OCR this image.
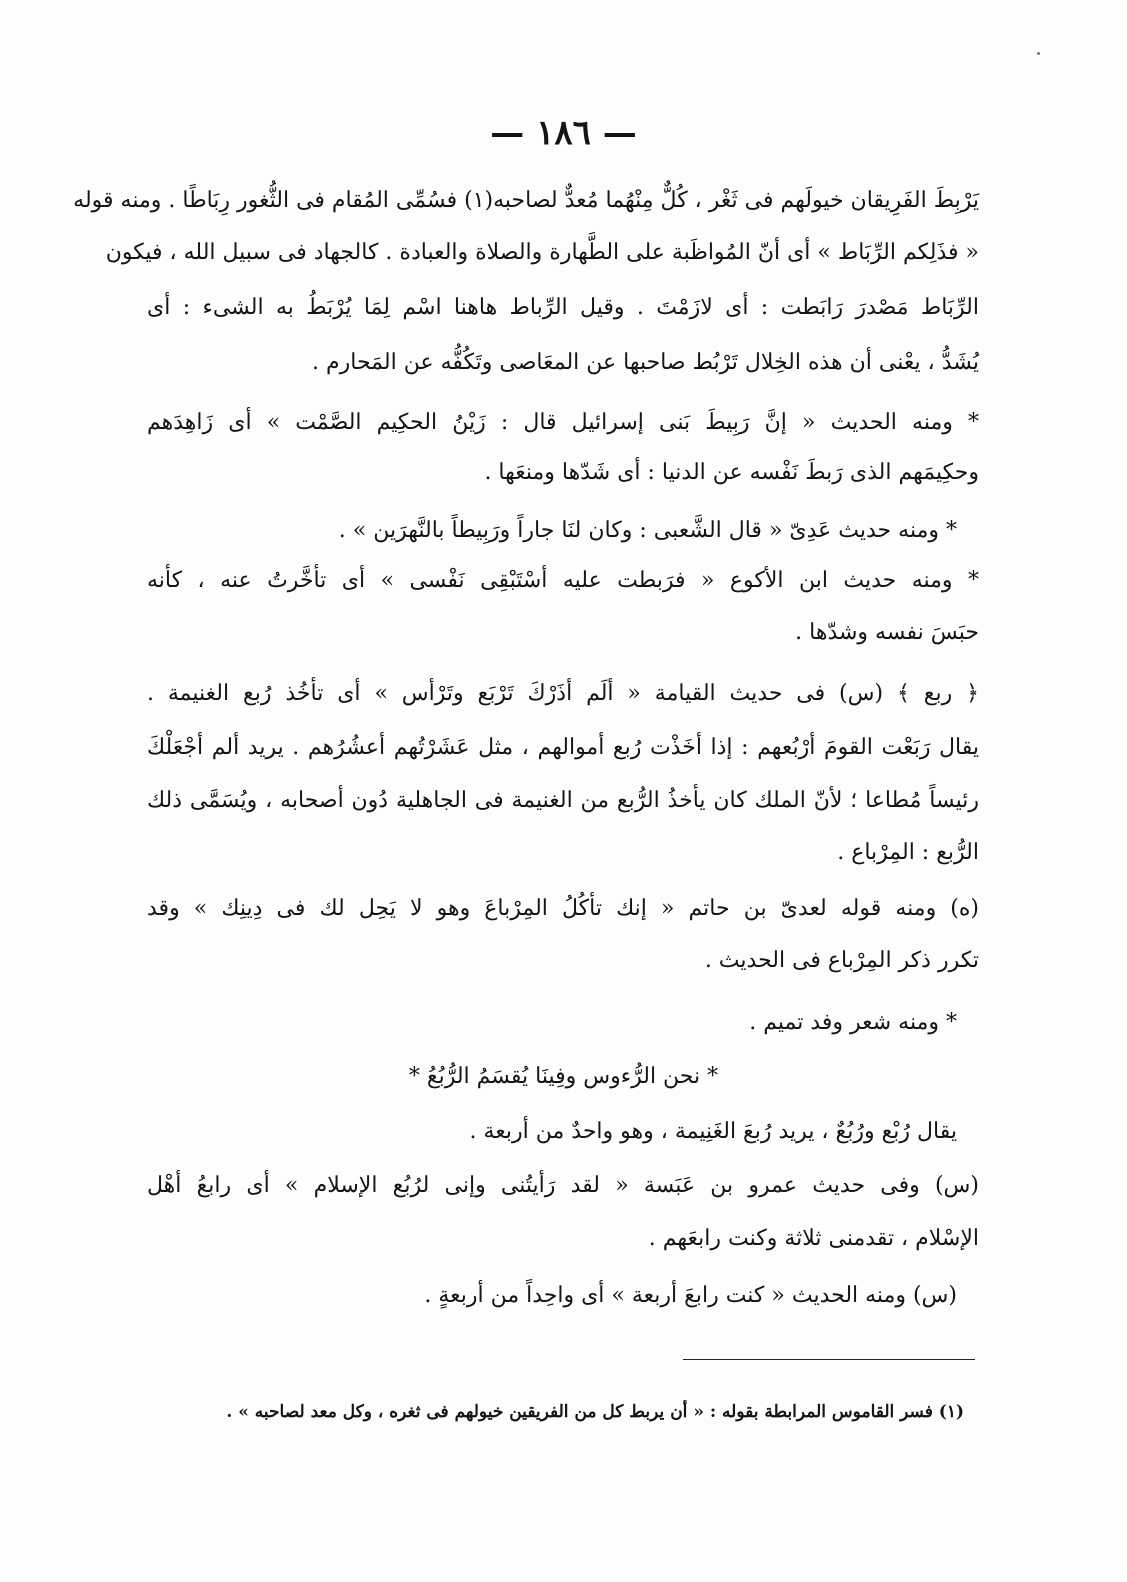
— ١٨٦ —
يَرْبِطَ الفَرِيقان خيولَهم فى ثَغْر ، كُلٌّ مِنْهُما مُعدٌّ لصاحبه(١) فسُمِّى المُقام فى الثُّغور رِبَاطًا . ومنه قوله
« فذَلِكم الرِّبَاط » أى أنّ المُواظَبة على الطَّهارة والصلاة والعبادة . كالجهاد فى سبيل الله ، فيكون
الرِّبَاط مَصْدرَ رَابَطت : أى لازَمْتَ . وقيل الرِّباط هاهنا اسْم لِمَا يُرْبَطُ به الشىء : أى
يُشَدُّ ، يعْنى أن هذه الخِلال تَرْبُط صاحبها عن المعَاصى وتَكُفُّه عن المَحارم .
* ومنه الحديث « إنَّ رَبِيطَ بَنى إسرائيل قال : زَيْنُ الحكِيم الصَّمْت » أى زَاهِدَهم
وحكِيمَهم الذى رَبطَ نَفْسه عن الدنيا : أى شَدّها ومنعَها .
* ومنه حديث عَدِىّ « قال الشَّعبى : وكان لنَا جاراً ورَبِيطاً بالنَّهرَين » .
* ومنه حديث ابن الأكوع « فرَبطت عليه أسْتَبْقِى نَفْسى » أى تأخَّرتُ عنه ، كأنه
حبَسَ نفسه وشدّها .
﴿ ربع ﴾ (س) فى حديث القيامة « ألَم أذَرْكَ تَرْبَع وتَرْأس » أى تأخُذ رُبع الغنيمة .
يقال رَبَعْت القومَ أرْبُعهم : إذا أخَذْت رُبع أموالهم ، مثل عَشَرْتُهم أعشُرُهم . يريد ألم أجْعَلْكَ
رئيساً مُطاعا ؛ لأنّ الملك كان يأخذُ الرُّبع من الغنيمة فى الجاهلية دُون أصحابه ، ويُسَمَّى ذلك
الرُّبع : المِرْباع .
(ه) ومنه قوله لعدىّ بن حاتم « إنك تأكُلُ المِرْباعَ وهو لا يَحِل لك فى دِينِك » وقد
تكرر ذكر المِرْباع فى الحديث .
* ومنه شعر وفد تميم .
* نحن الرُّءوس وفِينَا يُقسَمُ الرُّبُعُ *
يقال رُبْع ورُبُعٌ ، يريد رُبعَ الغَنِيمة ، وهو واحدٌ من أربعة .
(س) وفى حديث عمرو بن عَبَسة « لقد رَأيتُنى وإنى لرُبُع الإسلام » أى رابعُ أهْل
الإسْلام ، تقدمنى ثلاثة وكنت رابعَهم .
(س) ومنه الحديث « كنت رابعَ أربعة » أى واحِداً من أربعةٍ .
(١) فسر القاموس المرابطة بقوله : « أن يربط كل من الفريقين خيولهم فى ثغره ، وكل معد لصاحبه » .
